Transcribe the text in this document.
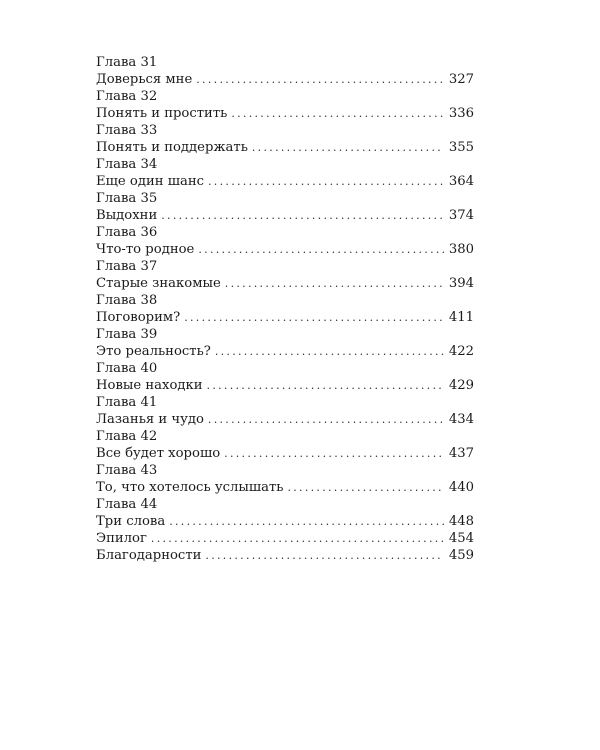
Глава 31
Доверься мне . . .	327
Глава 32
Понять и простить . . .	336
Глава 33
Понять и поддержать . . .	355
Глава 34
Еще один шанс . . .	364
Глава 35
Выдохни . . .	374
Глава 36
Что-то родное . . .	380
Глава 37
Старые знакомые . . .	394
Глава 38
Поговорим? . . .	411
Глава 39
Это реальность? . . .	422
Глава 40
Новые находки . . .	429
Глава 41
Лазанья и чудо . . .	434
Глава 42
Все будет хорошо . . .	437
Глава 43
То, что хотелось услышать . . .	440
Глава 44
Три слова . . .	448
Эпилог . . .	454
Благодарности . . .	459
